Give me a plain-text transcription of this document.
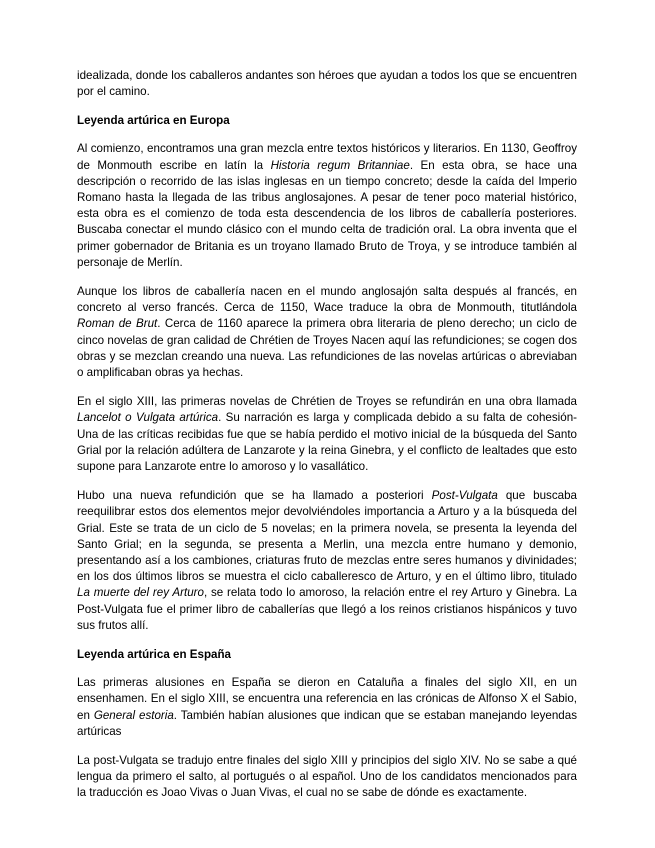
idealizada, donde los caballeros andantes son héroes que ayudan a todos los que se encuentren por el camino.

Leyenda artúrica en Europa

Al comienzo, encontramos una gran mezcla entre textos históricos y literarios. En 1130, Geoffroy de Monmouth escribe en latín la Historia regum Britanniae. En esta obra, se hace una descripción o recorrido de las islas inglesas en un tiempo concreto; desde la caída del Imperio Romano hasta la llegada de las tribus anglosajones. A pesar de tener poco material histórico, esta obra es el comienzo de toda esta descendencia de los libros de caballería posteriores. Buscaba conectar el mundo clásico con el mundo celta de tradición oral. La obra inventa que el primer gobernador de Britania es un troyano llamado Bruto de Troya, y se introduce también al personaje de Merlín.

Aunque los libros de caballería nacen en el mundo anglosajón salta después al francés, en concreto al verso francés. Cerca de 1150, Wace traduce la obra de Monmouth, titutlándola Roman de Brut. Cerca de 1160 aparece la primera obra literaria de pleno derecho; un ciclo de cinco novelas de gran calidad de Chrétien de Troyes Nacen aquí las refundiciones; se cogen dos obras y se mezclan creando una nueva. Las refundiciones de las novelas artúricas o abreviaban o amplificaban obras ya hechas.

En el siglo XIII, las primeras novelas de Chrétien de Troyes se refundirán en una obra llamada Lancelot o Vulgata artúrica. Su narración es larga y complicada debido a su falta de cohesión- Una de las críticas recibidas fue que se había perdido el motivo inicial de la búsqueda del Santo Grial por la relación adúltera de Lanzarote y la reina Ginebra, y el conflicto de lealtades que esto supone para Lanzarote entre lo amoroso y lo vasallático.

Hubo una nueva refundición que se ha llamado a posteriori Post-Vulgata que buscaba reequilibrar estos dos elementos mejor devolviéndoles importancia a Arturo y a la búsqueda del Grial. Este se trata de un ciclo de 5 novelas; en la primera novela, se presenta la leyenda del Santo Grial; en la segunda, se presenta a Merlin, una mezcla entre humano y demonio, presentando así a los cambiones, criaturas fruto de mezclas entre seres humanos y divinidades; en los dos últimos libros se muestra el ciclo caballeresco de Arturo, y en el último libro, titulado La muerte del rey Arturo, se relata todo lo amoroso, la relación entre el rey Arturo y Ginebra. La Post-Vulgata fue el primer libro de caballerías que llegó a los reinos cristianos hispánicos y tuvo sus frutos allí.

Leyenda artúrica en España

Las primeras alusiones en España se dieron en Cataluña a finales del siglo XII, en un ensenhamen. En el siglo XIII, se encuentra una referencia en las crónicas de Alfonso X el Sabio, en General estoria. También habían alusiones que indican que se estaban manejando leyendas artúricas

La post-Vulgata se tradujo entre finales del siglo XIII y principios del siglo XIV. No se sabe a qué lengua da primero el salto, al portugués o al español. Uno de los candidatos mencionados para la traducción es Joao Vivas o Juan Vivas, el cual no se sabe de dónde es exactamente.
